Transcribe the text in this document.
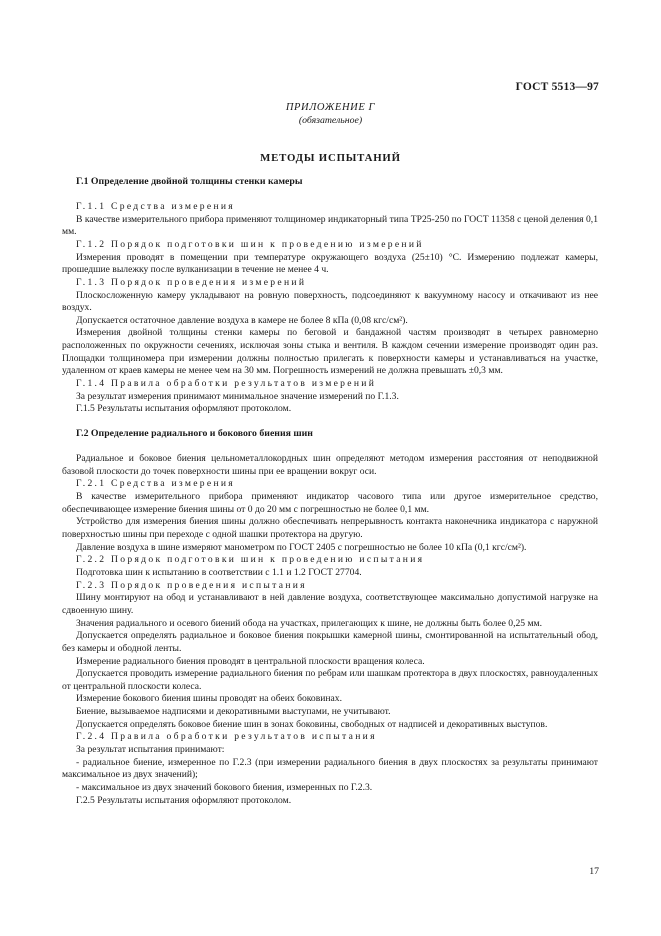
ГОСТ 5513—97
ПРИЛОЖЕНИЕ Г
(обязательное)
МЕТОДЫ ИСПЫТАНИЙ
Г.1 Определение двойной толщины стенки камеры
Г.1.1 Средства измерения
В качестве измерительного прибора применяют толщиномер индикаторный типа ТР25-250 по ГОСТ 11358 с ценой деления 0,1 мм.
Г.1.2 Порядок подготовки шин к проведению измерений
Измерения проводят в помещении при температуре окружающего воздуха (25±10) °С. Измерению подлежат камеры, прошедшие вылежку после вулканизации в течение не менее 4 ч.
Г.1.3 Порядок проведения измерений
Плоскосложенную камеру укладывают на ровную поверхность, подсоединяют к вакуумному насосу и откачивают из нее воздух.
Допускается остаточное давление воздуха в камере не более 8 кПа (0,08 кгс/см²).
Измерения двойной толщины стенки камеры по беговой и бандажной частям производят в четырех равномерно расположенных по окружности сечениях, исключая зоны стыка и вентиля. В каждом сечении измерение производят один раз. Площадки толщиномера при измерении должны полностью прилегать к поверхности камеры и устанавливаться на участке, удаленном от краев камеры не менее чем на 30 мм. Погрешность измерений не должна превышать ±0,3 мм.
Г.1.4 Правила обработки результатов измерений
За результат измерения принимают минимальное значение измерений по Г.1.3.
Г.1.5 Результаты испытания оформляют протоколом.
Г.2 Определение радиального и бокового биения шин
Радиальное и боковое биения цельнометаллокордных шин определяют методом измерения расстояния от неподвижной базовой плоскости до точек поверхности шины при ее вращении вокруг оси.
Г.2.1 Средства измерения
В качестве измерительного прибора применяют индикатор часового типа или другое измерительное средство, обеспечивающее измерение биения шины от 0 до 20 мм с погрешностью не более 0,1 мм.
Устройство для измерения биения шины должно обеспечивать непрерывность контакта наконечника индикатора с наружной поверхностью шины при переходе с одной шашки протектора на другую.
Давление воздуха в шине измеряют манометром по ГОСТ 2405 с погрешностью не более 10 кПа (0,1 кгс/см²).
Г.2.2 Порядок подготовки шин к проведению испытания
Подготовка шин к испытанию в соответствии с 1.1 и 1.2 ГОСТ 27704.
Г.2.3 Порядок проведения испытания
Шину монтируют на обод и устанавливают в ней давление воздуха, соответствующее максимально допустимой нагрузке на сдвоенную шину.
Значения радиального и осевого биений обода на участках, прилегающих к шине, не должны быть более 0,25 мм.
Допускается определять радиальное и боковое биения покрышки камерной шины, смонтированной на испытательный обод, без камеры и ободной ленты.
Измерение радиального биения проводят в центральной плоскости вращения колеса.
Допускается проводить измерение радиального биения по ребрам или шашкам протектора в двух плоскостях, равноудаленных от центральной плоскости колеса.
Измерение бокового биения шины проводят на обеих боковинах.
Биение, вызываемое надписями и декоративными выступами, не учитывают.
Допускается определять боковое биение шин в зонах боковины, свободных от надписей и декоративных выступов.
Г.2.4 Правила обработки результатов испытания
За результат испытания принимают:
- радиальное биение, измеренное по Г.2.3 (при измерении радиального биения в двух плоскостях за результаты принимают максимальное из двух значений);
- максимальное из двух значений бокового биения, измеренных по Г.2.3.
Г.2.5 Результаты испытания оформляют протоколом.
17
